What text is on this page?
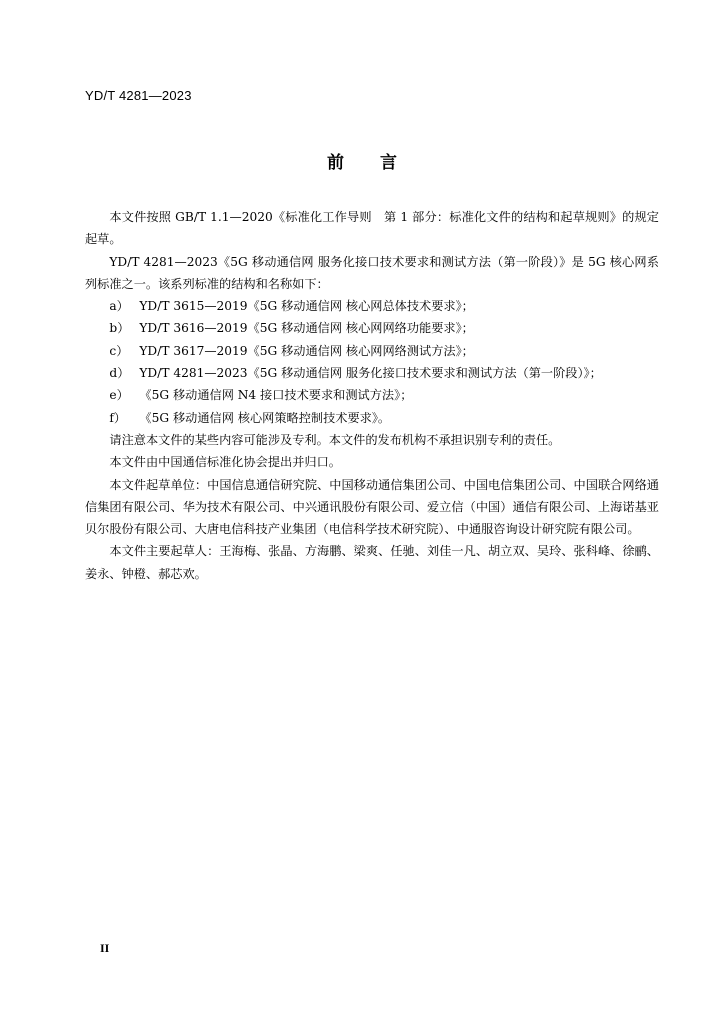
YD/T 4281—2023
前言

本文件按照 GB/T 1.1—2020《标准化工作导则　第 1 部分：标准化文件的结构和起草规则》的规定起草。

YD/T 4281—2023《5G 移动通信网 服务化接口技术要求和测试方法（第一阶段）》是 5G 核心网系列标准之一。该系列标准的结构和名称如下：

a） YD/T 3615—2019《5G 移动通信网 核心网总体技术要求》；

b） YD/T 3616—2019《5G 移动通信网 核心网网络功能要求》；

c） YD/T 3617—2019《5G 移动通信网 核心网网络测试方法》；

d） YD/T 4281—2023《5G 移动通信网 服务化接口技术要求和测试方法（第一阶段）》；

e） 《5G 移动通信网 N4 接口技术要求和测试方法》；

f）	《5G 移动通信网 核心网策略控制技术要求》。

请注意本文件的某些内容可能涉及专利。本文件的发布机构不承担识别专利的责任。

本文件由中国通信标准化协会提出并归口。

本文件起草单位：中国信息通信研究院、中国移动通信集团公司、中国电信集团公司、中国联合网络通信集团有限公司、华为技术有限公司、中兴通讯股份有限公司、爱立信（中国）通信有限公司、上海诺基亚贝尔股份有限公司、大唐电信科技产业集团（电信科学技术研究院）、中通服咨询设计研究院有限公司。

本文件主要起草人：王海梅、张晶、方海鹏、梁爽、任驰、刘佳一凡、胡立双、吴玲、张科峰、徐鹂、姜永、钟橙、郝芯欢。

II
